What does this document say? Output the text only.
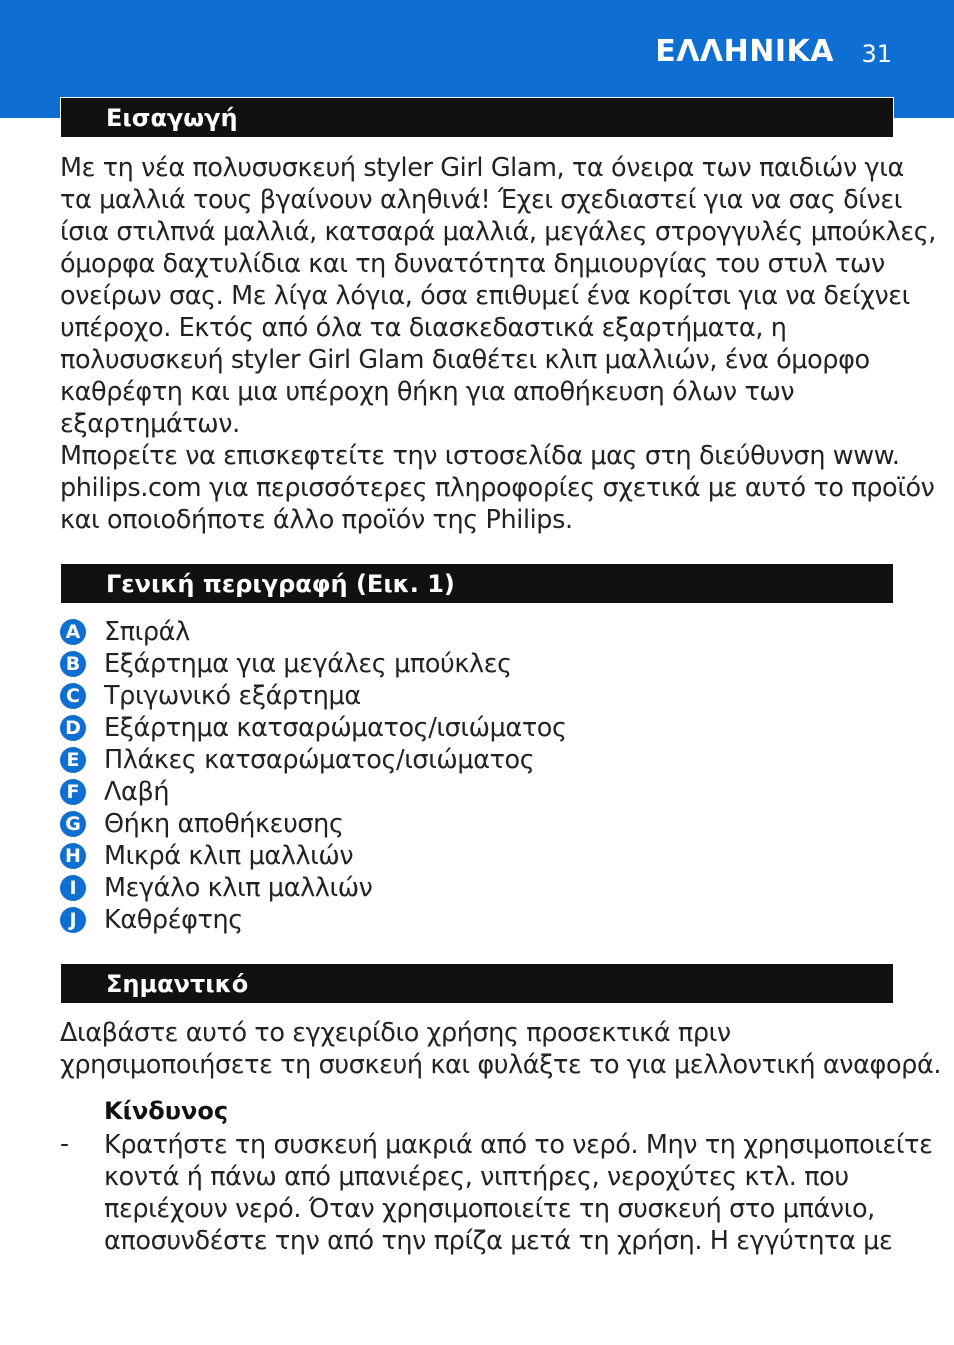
ΕΛΛΗΝΙΚΑ 31
Εισαγωγή
Με τη νέα πολυσυσκευή styler Girl Glam, τα όνειρα των παιδιών για
τα μαλλιά τους βγαίνουν αληθινά! Έχει σχεδιαστεί για να σας δίνει
ίσια στιλπνά μαλλιά, κατσαρά μαλλιά, μεγάλες στρογγυλές μπούκλες,
όμορφα δαχτυλίδια και τη δυνατότητα δημιουργίας του στυλ των
ονείρων σας. Με λίγα λόγια, όσα επιθυμεί ένα κορίτσι για να δείχνει
υπέροχο. Εκτός από όλα τα διασκεδαστικά εξαρτήματα, η
πολυσυσκευή styler Girl Glam διαθέτει κλιπ μαλλιών, ένα όμορφο
καθρέφτη και μια υπέροχη θήκη για αποθήκευση όλων των
εξαρτημάτων.
Μπορείτε να επισκεφτείτε την ιστοσελίδα μας στη διεύθυνση www.
philips.com για περισσότερες πληροφορίες σχετικά με αυτό το προϊόν
και οποιοδήποτε άλλο προϊόν της Philips.
Γενική περιγραφή (Εικ. 1)
A Σπιράλ
B Εξάρτημα για μεγάλες μπούκλες
C Τριγωνικό εξάρτημα
D Εξάρτημα κατσαρώματος/ισιώματος
E Πλάκες κατσαρώματος/ισιώματος
F Λαβή
G Θήκη αποθήκευσης
H Μικρά κλιπ μαλλιών
I	Μεγάλο κλιπ μαλλιών
J	Καθρέφτης
Σημαντικό
Διαβάστε αυτό το εγχειρίδιο χρήσης προσεκτικά πριν
χρησιμοποιήσετε τη συσκευή και φυλάξτε το για μελλοντική αναφορά.
Κίνδυνος
- Κρατήστε τη συσκευή μακριά από το νερό. Μην τη χρησιμοποιείτε
κοντά ή πάνω από μπανιέρες, νιπτήρες, νεροχύτες κτλ. που
περιέχουν νερό. Όταν χρησιμοποιείτε τη συσκευή στο μπάνιο,
αποσυνδέστε την από την πρίζα μετά τη χρήση. Η εγγύτητα με
